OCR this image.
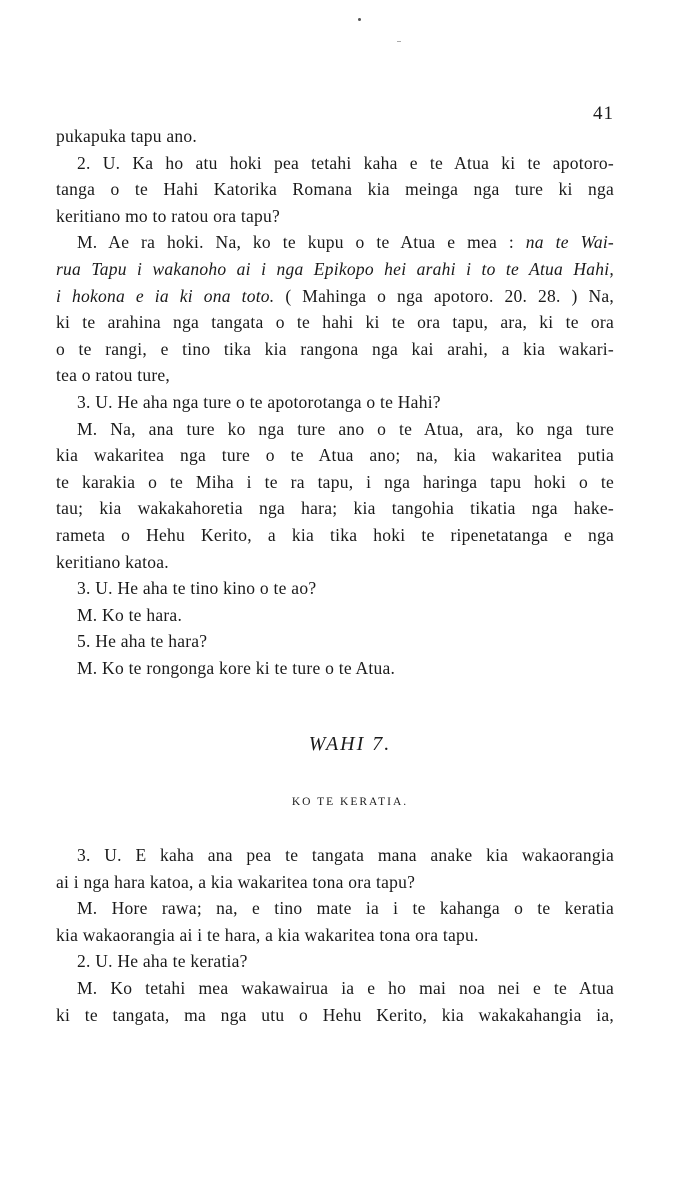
41

pukapuka tapu ano.

2. U. Ka ho atu hoki pea tetahi kaha e te Atua ki te apotoro-

tanga o te Hahi Katorika Romana kia meinga nga ture ki nga

keritiano mo to ratou ora tapu?

M. Ae ra hoki. Na, ko te kupu o te Atua e mea : na te Wai-

rua Tapu i wakanoho ai i nga Epikopo hei arahi i to te Atua Hahi,

i hokona e ia ki ona toto. ( Mahinga o nga apotoro. 20. 28. ) Na,

ki te arahina nga tangata o te hahi ki te ora tapu, ara, ki te ora

o te rangi, e tino tika kia rangona nga kai arahi, a kia wakari-

tea o ratou ture,

3. U. He aha nga ture o te apotorotanga o te Hahi?

M. Na, ana ture ko nga ture ano o te Atua, ara, ko nga ture

kia wakaritea nga ture o te Atua ano; na, kia wakaritea putia

te karakia o te Miha i te ra tapu, i nga haringa tapu hoki o te

tau; kia wakakahoretia nga hara; kia tangohia tikatia nga hake-

rameta o Hehu Kerito, a kia tika hoki te ripenetatanga e nga

keritiano katoa.

3. U. He aha te tino kino o te ao?

M. Ko te hara.

5. He aha te hara?

M. Ko te rongonga kore ki te ture o te Atua.

WAHI 7.
KO TE KERATIA.

3. U. E kaha ana pea te tangata mana anake kia wakaorangia

ai i nga hara katoa, a kia wakaritea tona ora tapu?

M. Hore rawa; na, e tino mate ia i te kahanga o te keratia

kia wakaorangia ai i te hara, a kia wakaritea tona ora tapu.

2. U. He aha te keratia?

M. Ko tetahi mea wakawairua ia e ho mai noa nei e te Atua

ki te tangata, ma nga utu o Hehu Kerito, kia wakakahangia ia,
